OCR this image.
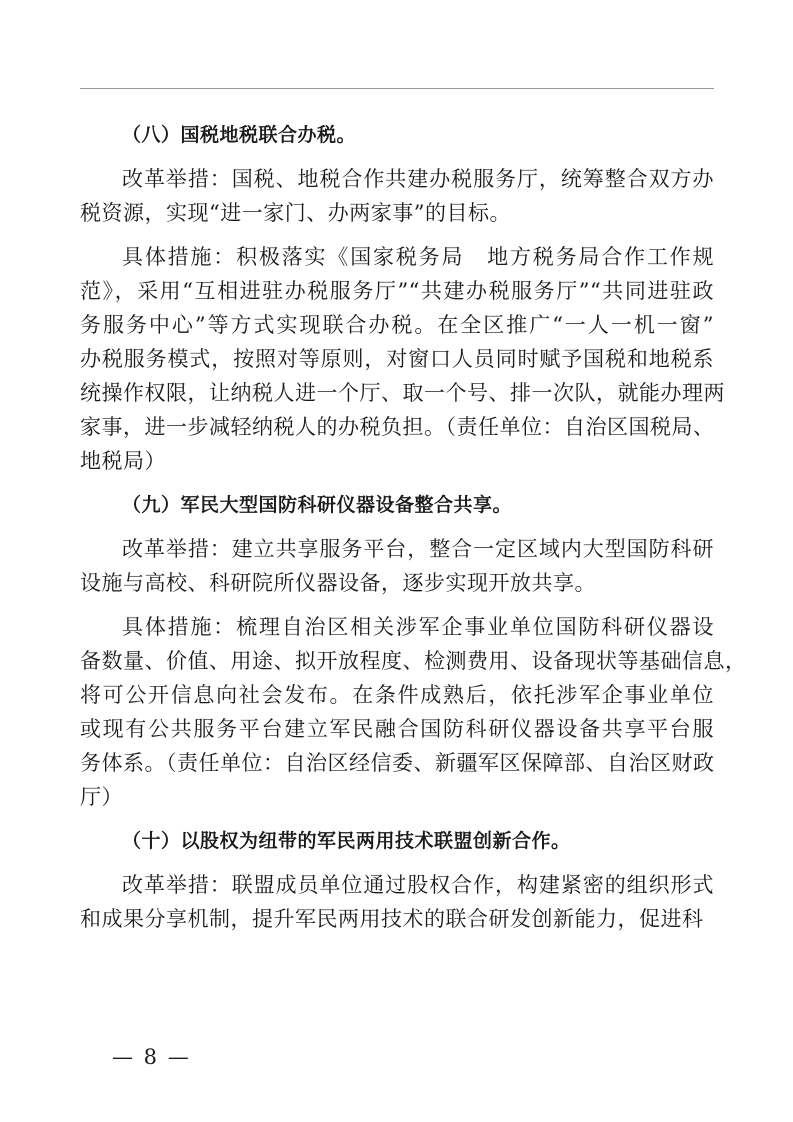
（八）国税地税联合办税。
改革举措：国税、地税合作共建办税服务厅，统筹整合双方办
税资源，实现“进一家门、办两家事”的目标。
具体措施：积极落实《国家税务局　地方税务局合作工作规
范》，采用“互相进驻办税服务厅”“共建办税服务厅”“共同进驻政
务服务中心”等方式实现联合办税。在全区推广“一人一机一窗”
办税服务模式，按照对等原则，对窗口人员同时赋予国税和地税系
统操作权限，让纳税人进一个厅、取一个号、排一次队，就能办理两
家事，进一步减轻纳税人的办税负担。（责任单位：自治区国税局、
地税局）
（九）军民大型国防科研仪器设备整合共享。
改革举措：建立共享服务平台，整合一定区域内大型国防科研
设施与高校、科研院所仪器设备，逐步实现开放共享。
具体措施：梳理自治区相关涉军企事业单位国防科研仪器设
备数量、价值、用途、拟开放程度、检测费用、设备现状等基础信息，
将可公开信息向社会发布。在条件成熟后，依托涉军企事业单位
或现有公共服务平台建立军民融合国防科研仪器设备共享平台服
务体系。（责任单位：自治区经信委、新疆军区保障部、自治区财政
厅）
（十）以股权为纽带的军民两用技术联盟创新合作。
改革举措：联盟成员单位通过股权合作，构建紧密的组织形式
和成果分享机制，提升军民两用技术的联合研发创新能力，促进科
— 8 —
